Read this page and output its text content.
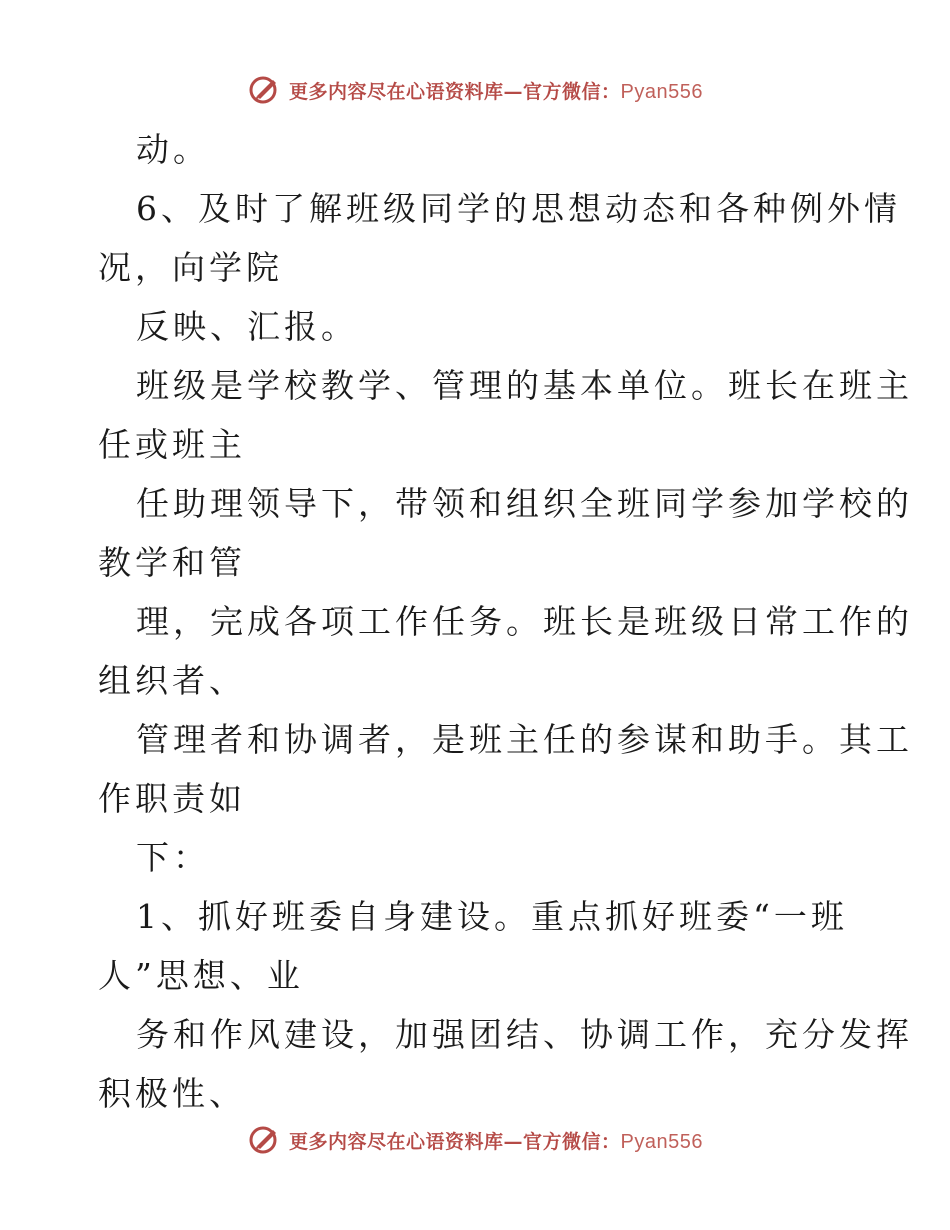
更多内容尽在心语资料库—官方微信：Pyan556
动。
6、及时了解班级同学的思想动态和各种例外情
况，向学院
反映、汇报。
班级是学校教学、管理的基本单位。班长在班主
任或班主
任助理领导下，带领和组织全班同学参加学校的
教学和管
理，完成各项工作任务。班长是班级日常工作的
组织者、
管理者和协调者，是班主任的参谋和助手。其工
作职责如
下：
1、抓好班委自身建设。重点抓好班委“一班
人”思想、业
务和作风建设，加强团结、协调工作，充分发挥
积极性、
更多内容尽在心语资料库—官方微信：Pyan556
